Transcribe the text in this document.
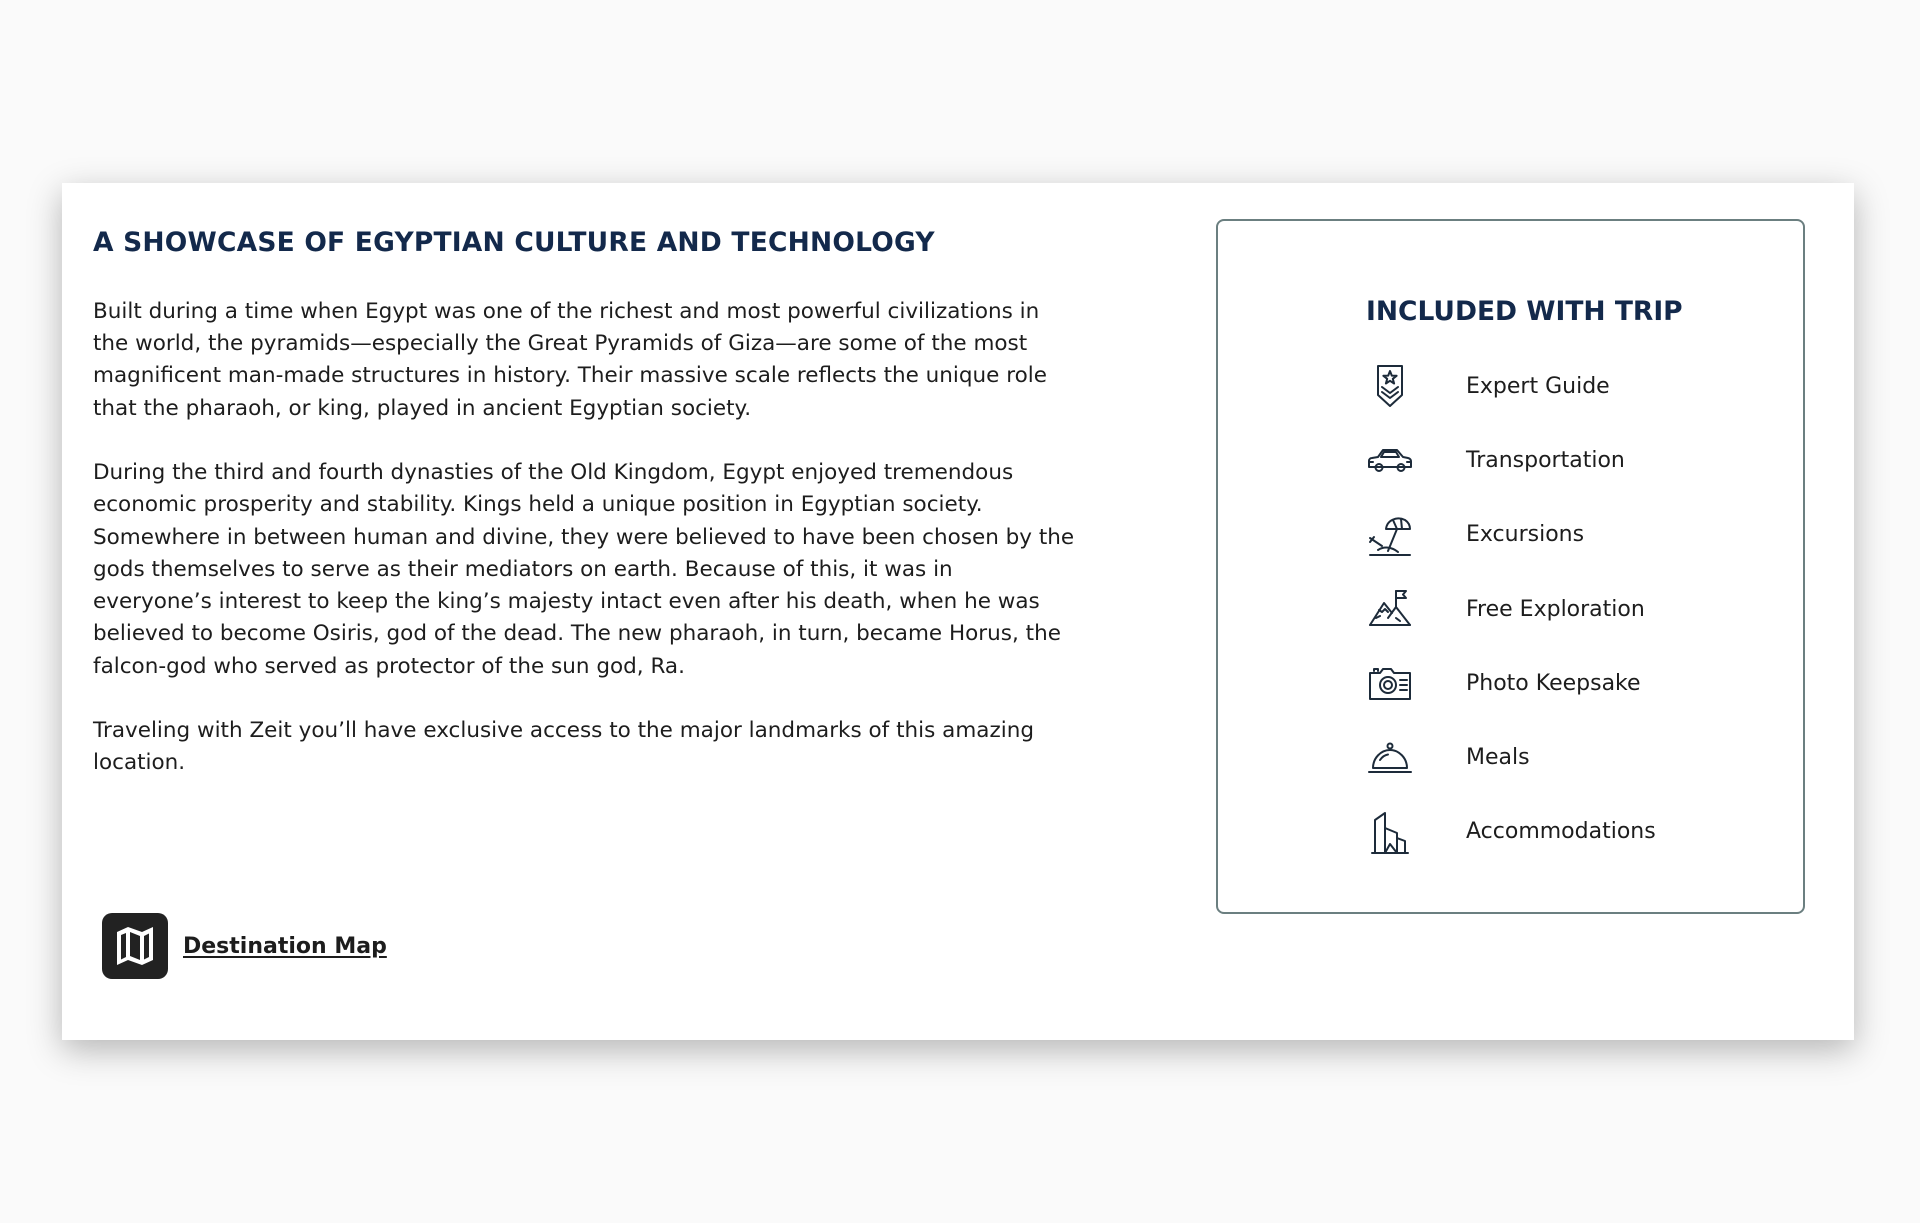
A SHOWCASE OF EGYPTIAN CULTURE AND TECHNOLOGY

Built during a time when Egypt was one of the richest and most powerful civilizations in the world, the pyramids—especially the Great Pyramids of Giza—are some of the most magnificent man-made structures in history. Their massive scale reflects the unique role that the pharaoh, or king, played in ancient Egyptian society.

During the third and fourth dynasties of the Old Kingdom, Egypt enjoyed tremendous economic prosperity and stability. Kings held a unique position in Egyptian society. Somewhere in between human and divine, they were believed to have been chosen by the gods themselves to serve as their mediators on earth. Because of this, it was in everyone’s interest to keep the king’s majesty intact even after his death, when he was believed to become Osiris, god of the dead. The new pharaoh, in turn, became Horus, the falcon-god who served as protector of the sun god, Ra.

Traveling with Zeit you’ll have exclusive access to the major landmarks of this amazing location.

Destination Map
INCLUDED WITH TRIP
Expert Guide
Transportation
Excursions
Free Exploration
Photo Keepsake
Meals
Accommodations
